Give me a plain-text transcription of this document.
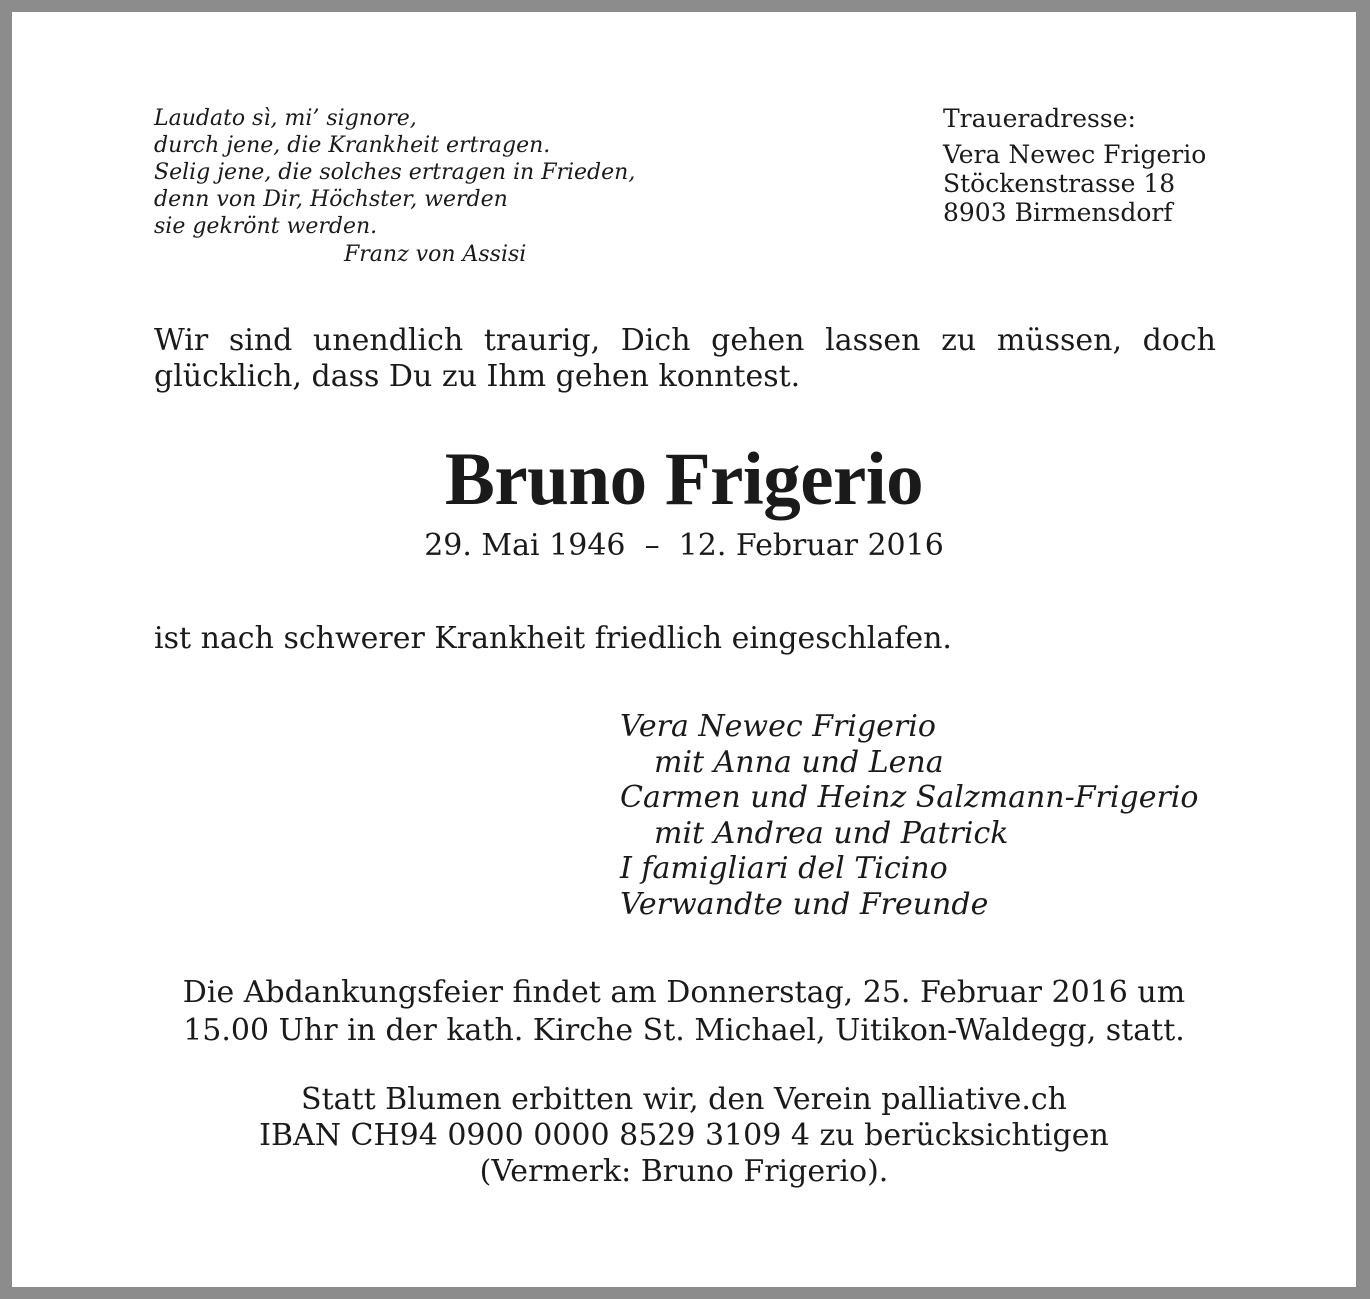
Laudato sì, mi’ signore,
durch jene, die Krankheit ertragen.
Selig jene, die solches ertragen in Frieden,
denn von Dir, Höchster, werden
sie gekrönt werden.
Franz von Assisi
Traueradresse:
Vera Newec Frigerio
Stöckenstrasse 18
8903 Birmensdorf
Wir sind unendlich traurig, Dich gehen lassen zu müssen, doch glücklich, dass Du zu Ihm gehen konntest.
Bruno Frigerio
29. Mai 1946  –  12. Februar 2016
ist nach schwerer Krankheit friedlich eingeschlafen.
Vera Newec Frigerio
mit Anna und Lena
Carmen und Heinz Salzmann-Frigerio
mit Andrea und Patrick
I famigliari del Ticino
Verwandte und Freunde
Die Abdankungsfeier findet am Donnerstag, 25. Februar 2016 um
15.00 Uhr in der kath. Kirche St. Michael, Uitikon-Waldegg, statt.
Statt Blumen erbitten wir, den Verein palliative.ch
IBAN CH94 0900 0000 8529 3109 4 zu berücksichtigen
(Vermerk: Bruno Frigerio).
